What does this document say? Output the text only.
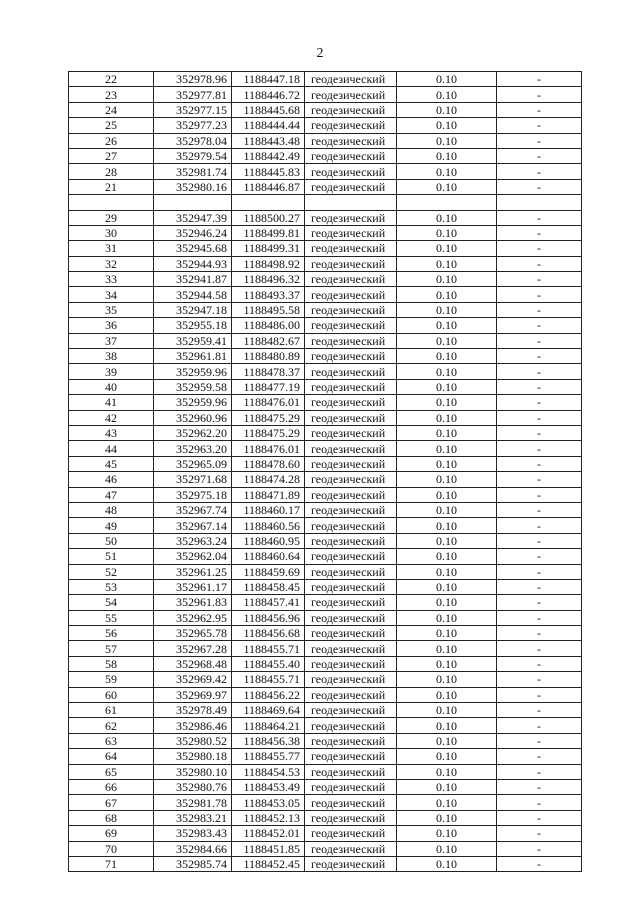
2
22	352978.96	1188447.18	геодезический	0.10	-
23	352977.81	1188446.72	геодезический	0.10	-
24	352977.15	1188445.68	геодезический	0.10	-
25	352977.23	1188444.44	геодезический	0.10	-
26	352978.04	1188443.48	геодезический	0.10	-
27	352979.54	1188442.49	геодезический	0.10	-
28	352981.74	1188445.83	геодезический	0.10	-
21	352980.16	1188446.87	геодезический	0.10	-

29	352947.39	1188500.27	геодезический	0.10	-
30	352946.24	1188499.81	геодезический	0.10	-
31	352945.68	1188499.31	геодезический	0.10	-
32	352944.93	1188498.92	геодезический	0.10	-
33	352941.87	1188496.32	геодезический	0.10	-
34	352944.58	1188493.37	геодезический	0.10	-
35	352947.18	1188495.58	геодезический	0.10	-
36	352955.18	1188486.00	геодезический	0.10	-
37	352959.41	1188482.67	геодезический	0.10	-
38	352961.81	1188480.89	геодезический	0.10	-
39	352959.96	1188478.37	геодезический	0.10	-
40	352959.58	1188477.19	геодезический	0.10	-
41	352959.96	1188476.01	геодезический	0.10	-
42	352960.96	1188475.29	геодезический	0.10	-
43	352962.20	1188475.29	геодезический	0.10	-
44	352963.20	1188476.01	геодезический	0.10	-
45	352965.09	1188478.60	геодезический	0.10	-
46	352971.68	1188474.28	геодезический	0.10	-
47	352975.18	1188471.89	геодезический	0.10	-
48	352967.74	1188460.17	геодезический	0.10	-
49	352967.14	1188460.56	геодезический	0.10	-
50	352963.24	1188460.95	геодезический	0.10	-
51	352962.04	1188460.64	геодезический	0.10	-
52	352961.25	1188459.69	геодезический	0.10	-
53	352961.17	1188458.45	геодезический	0.10	-
54	352961.83	1188457.41	геодезический	0.10	-
55	352962.95	1188456.96	геодезический	0.10	-
56	352965.78	1188456.68	геодезический	0.10	-
57	352967.28	1188455.71	геодезический	0.10	-
58	352968.48	1188455.40	геодезический	0.10	-
59	352969.42	1188455.71	геодезический	0.10	-
60	352969.97	1188456.22	геодезический	0.10	-
61	352978.49	1188469.64	геодезический	0.10	-
62	352986.46	1188464.21	геодезический	0.10	-
63	352980.52	1188456.38	геодезический	0.10	-
64	352980.18	1188455.77	геодезический	0.10	-
65	352980.10	1188454.53	геодезический	0.10	-
66	352980.76	1188453.49	геодезический	0.10	-
67	352981.78	1188453.05	геодезический	0.10	-
68	352983.21	1188452.13	геодезический	0.10	-
69	352983.43	1188452.01	геодезический	0.10	-
70	352984.66	1188451.85	геодезический	0.10	-
71	352985.74	1188452.45	геодезический	0.10	-
